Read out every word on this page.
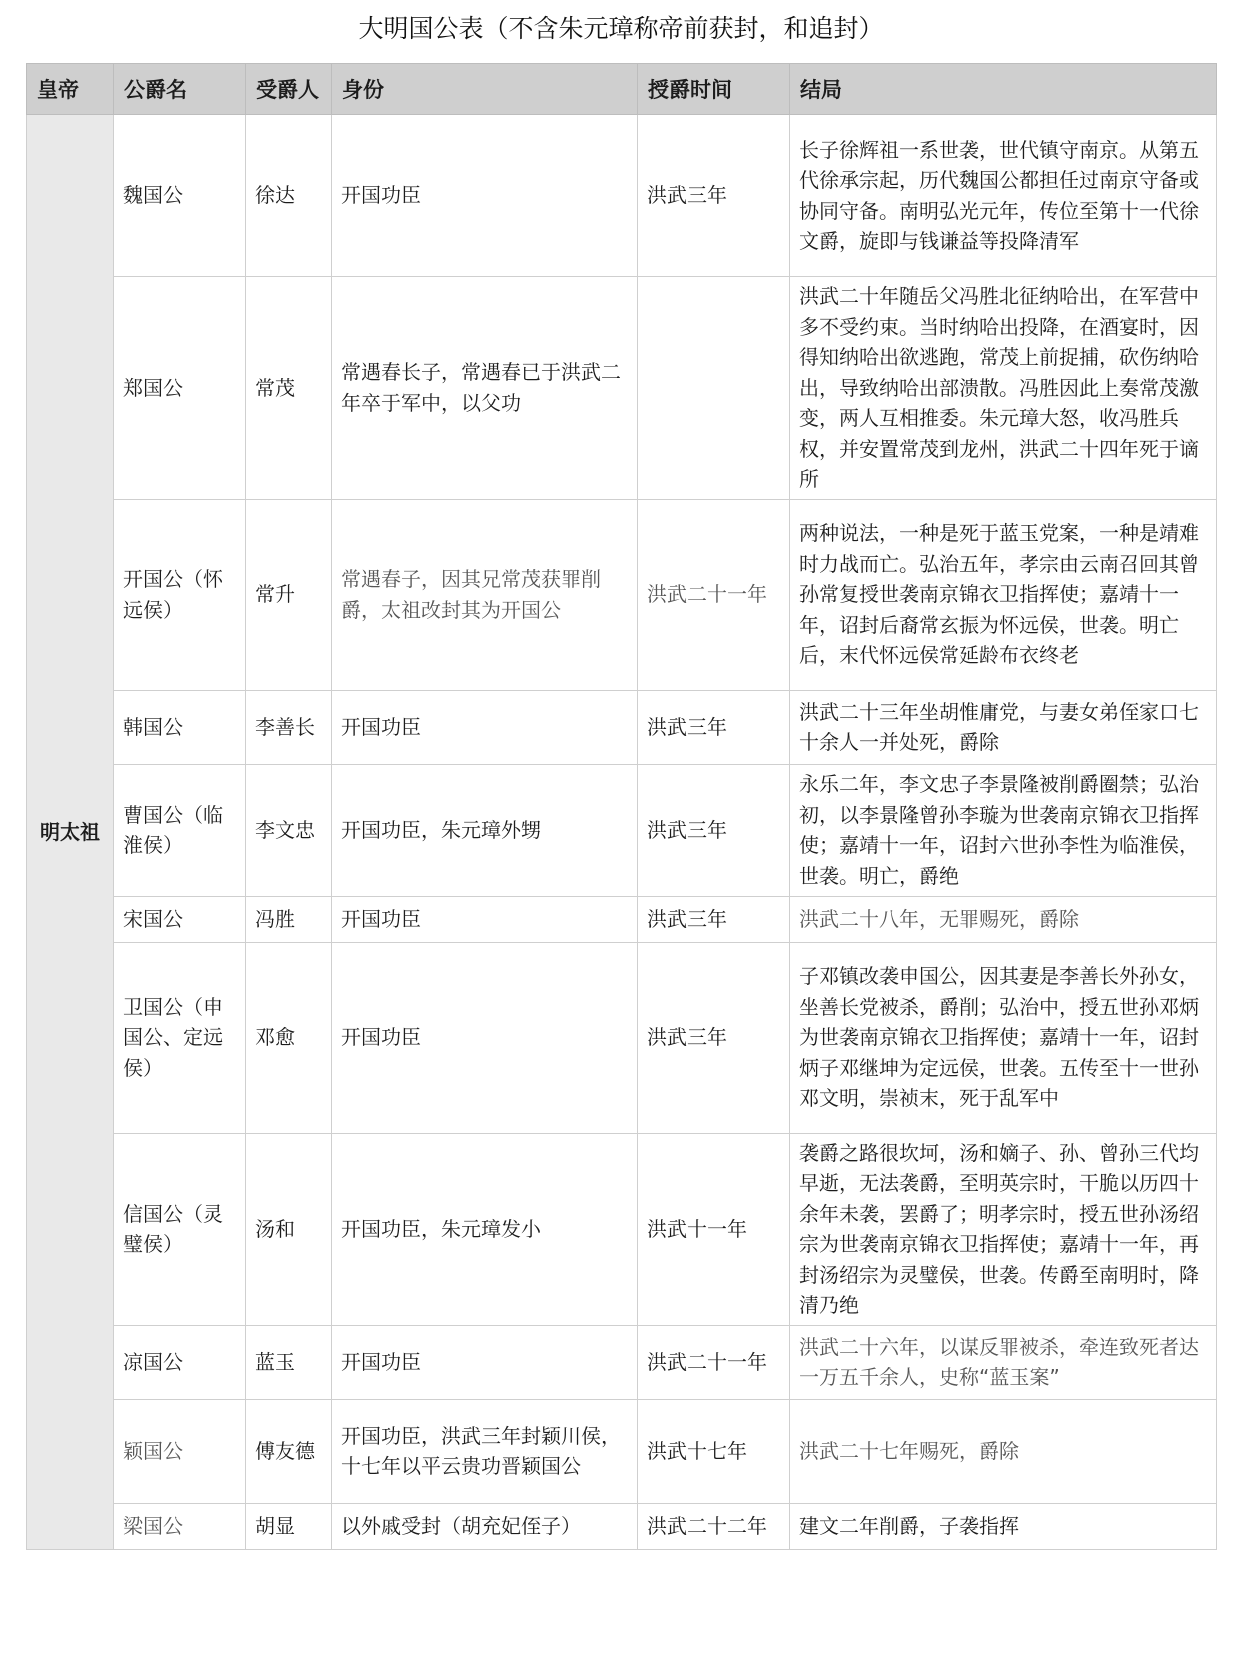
大明国公表（不含朱元璋称帝前获封，和追封）
皇帝	公爵名	受爵人	身份	授爵时间	结局
明太祖	魏国公	徐达	开国功臣	洪武三年	长子徐辉祖一系世袭，世代镇守南京。从第五代徐承宗起，历代魏国公都担任过南京守备或协同守备。南明弘光元年，传位至第十一代徐文爵，旋即与钱谦益等投降清军
	郑国公	常茂	常遇春长子，常遇春已于洪武二年卒于军中，以父功		洪武二十年随岳父冯胜北征纳哈出，在军营中多不受约束。当时纳哈出投降，在酒宴时，因得知纳哈出欲逃跑，常茂上前捉捕，砍伤纳哈出，导致纳哈出部溃散。冯胜因此上奏常茂激变，两人互相推委。朱元璋大怒，收冯胜兵权，并安置常茂到龙州，洪武二十四年死于谪所
	开国公（怀远侯）	常升	常遇春子，因其兄常茂获罪削爵，太祖改封其为开国公	洪武二十一年	两种说法，一种是死于蓝玉党案，一种是靖难时力战而亡。弘治五年，孝宗由云南召回其曾孙常复授世袭南京锦衣卫指挥使；嘉靖十一年，诏封后裔常玄振为怀远侯，世袭。明亡后，末代怀远侯常延龄布衣终老
	韩国公	李善长	开国功臣	洪武三年	洪武二十三年坐胡惟庸党，与妻女弟侄家口七十余人一并处死，爵除
	曹国公（临淮侯）	李文忠	开国功臣，朱元璋外甥	洪武三年	永乐二年，李文忠子李景隆被削爵圈禁；弘治初，以李景隆曾孙李璇为世袭南京锦衣卫指挥使；嘉靖十一年，诏封六世孙李性为临淮侯，世袭。明亡，爵绝
	宋国公	冯胜	开国功臣	洪武三年	洪武二十八年，无罪赐死，爵除
	卫国公（申国公、定远侯）	邓愈	开国功臣	洪武三年	子邓镇改袭申国公，因其妻是李善长外孙女，坐善长党被杀，爵削；弘治中，授五世孙邓炳为世袭南京锦衣卫指挥使；嘉靖十一年，诏封炳子邓继坤为定远侯，世袭。五传至十一世孙邓文明，崇祯末，死于乱军中
	信国公（灵璧侯）	汤和	开国功臣，朱元璋发小	洪武十一年	袭爵之路很坎坷，汤和嫡子、孙、曾孙三代均早逝，无法袭爵，至明英宗时，干脆以历四十余年未袭，罢爵了；明孝宗时，授五世孙汤绍宗为世袭南京锦衣卫指挥使；嘉靖十一年，再封汤绍宗为灵璧侯，世袭。传爵至南明时，降清乃绝
	凉国公	蓝玉	开国功臣	洪武二十一年	洪武二十六年，以谋反罪被杀，牵连致死者达一万五千余人，史称“蓝玉案”
	颖国公	傅友德	开国功臣，洪武三年封颖川侯，十七年以平云贵功晋颖国公	洪武十七年	洪武二十七年赐死，爵除
	梁国公	胡显	以外戚受封（胡充妃侄子）	洪武二十二年	建文二年削爵，子袭指挥
